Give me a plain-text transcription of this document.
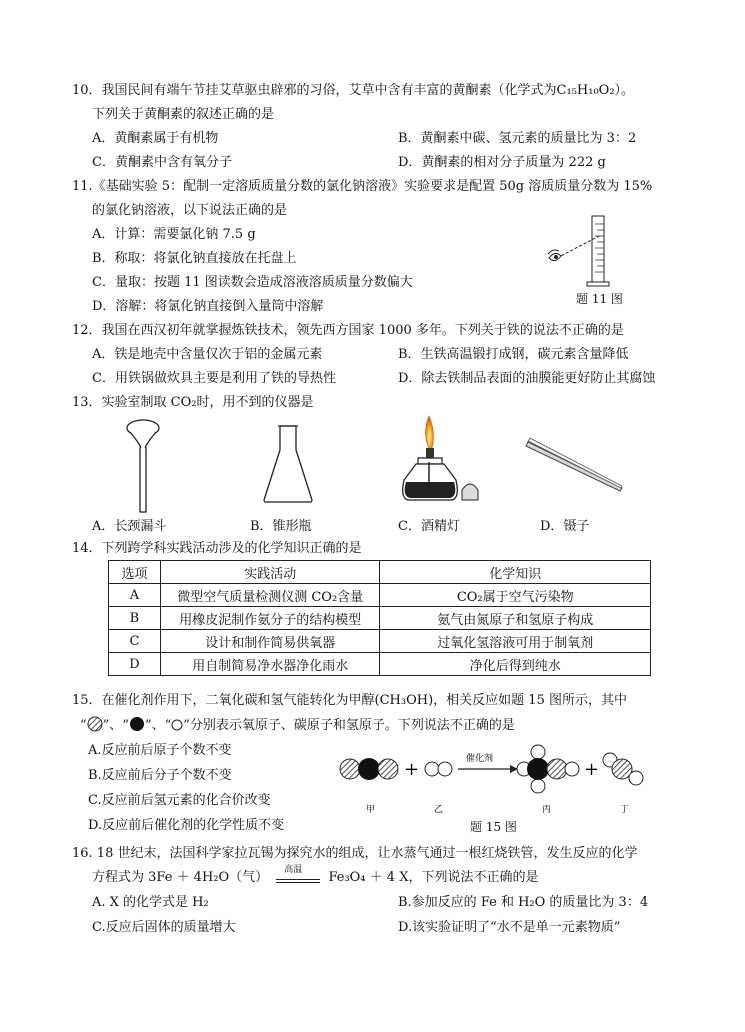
10．我国民间有端午节挂艾草驱虫辟邪的习俗，艾草中含有丰富的黄酮素（化学式为C₁₅H₁₀O₂）。
下列关于黄酮素的叙述正确的是
A．黄酮素属于有机物	B．黄酮素中碳、氢元素的质量比为 3：2
C．黄酮素中含有氧分子	D．黄酮素的相对分子质量为 222 g
11.《基础实验 5：配制一定溶质质量分数的氯化钠溶液》实验要求是配置 50g 溶质质量分数为 15%
的氯化钠溶液，以下说法正确的是
A．计算：需要氯化钠 7.5 g
B．称取：将氯化钠直接放在托盘上
C．量取：按题 11 图读数会造成溶液溶质质量分数偏大
D．溶解：将氯化钠直接倒入量筒中溶解	题 11 图
12．我国在西汉初年就掌握炼铁技术，领先西方国家 1000 多年。下列关于铁的说法不正确的是
A．铁是地壳中含量仅次于铝的金属元素	B．生铁高温锻打成钢，碳元素含量降低
C．用铁锅做炊具主要是利用了铁的导热性	D．除去铁制品表面的油膜能更好防止其腐蚀
13．实验室制取 CO₂时，用不到的仪器是
A．长颈漏斗	B．锥形瓶	C．酒精灯	D．镊子
14．下列跨学科实践活动涉及的化学知识正确的是
选项	实践活动	化学知识
A	微型空气质量检测仪测 CO₂含量	CO₂属于空气污染物
B	用橡皮泥制作氨分子的结构模型	氨气由氮原子和氢原子构成
C	设计和制作简易供氧器	过氧化氢溶液可用于制氧剂
D	用自制简易净水器净化雨水	净化后得到纯水
15．在催化剂作用下，二氧化碳和氢气能转化为甲醇(CH₃OH)，相关反应如题 15 图所示，其中
“ ”、“ ”、“ ”分别表示氧原子、碳原子和氢原子。下列说法不正确的是
A.反应前后原子个数不变
B.反应前后分子个数不变
C.反应前后氢元素的化合价改变
D.反应前后催化剂的化学性质不变
+	催化剂	+
甲	乙	丙	丁
题 15 图
16. 18 世纪末，法国科学家拉瓦锡为探究水的组成，让水蒸气通过一根红烧铁管，发生反应的化学
方程式为 3Fe ＋ 4H₂O（气） 高温 Fe₃O₄ ＋ 4 X，下列说法不正确的是
A. X 的化学式是 H₂	B.参加反应的 Fe 和 H₂O 的质量比为 3：4
C.反应后固体的质量增大	D.该实验证明了“水不是单一元素物质”
